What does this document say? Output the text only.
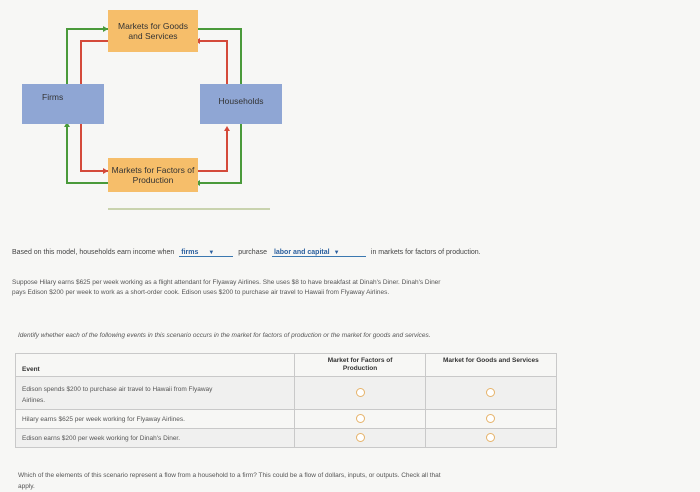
Markets for Goods and Services
Markets for Factors of Production
Firms	Households
Based on this model, households earn income when firms ▼	purchase labor and capital ▼	in markets for factors of production.
Suppose Hilary earns $625 per week working as a flight attendant for Flyaway Airlines. She uses $8 to have breakfast at Dinah's Diner. Dinah's Diner
pays Edison $200 per week to work as a short-order cook. Edison uses $200 to purchase air travel to Hawaii from Flyaway Airlines.
Identify whether each of the following events in this scenario occurs in the market for factors of production or the market for goods and services.
Event	Market for Factors of Production	Market for Goods and Services

Edison spends $200 to purchase air travel to Hawaii from Flyaway
Airlines.		

Hilary earns $625 per week working for Flyaway Airlines.		
Edison earns $200 per week working for Dinah's Diner.		
Which of the elements of this scenario represent a flow from a household to a firm? This could be a flow of dollars, inputs, or outputs. Check all that
apply.
